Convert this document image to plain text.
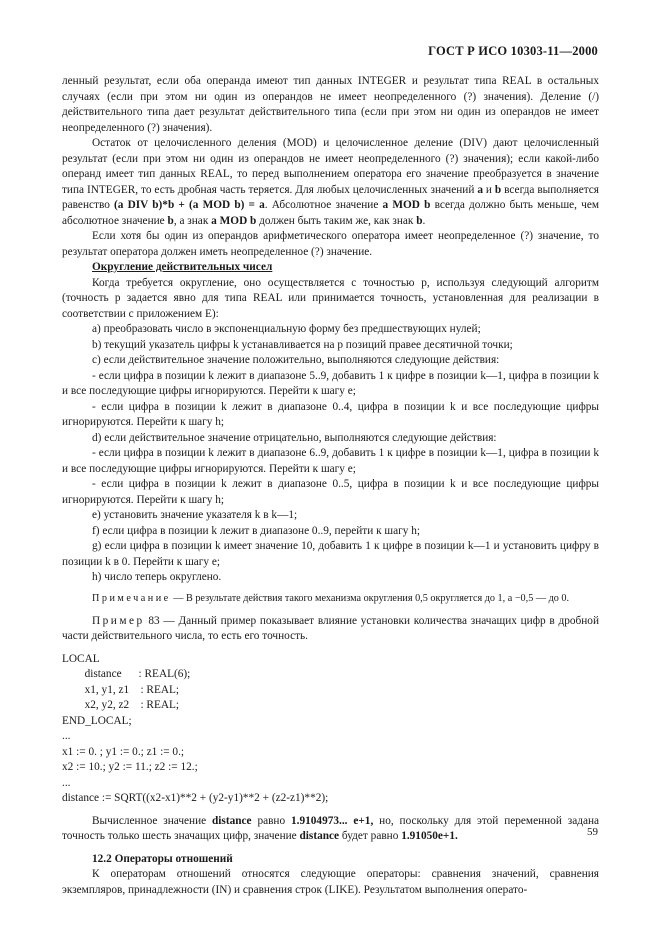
ГОСТ Р ИСО 10303-11—2000

ленный результат, если оба операнда имеют тип данных INTEGER и результат типа REAL в остальных случаях (если при этом ни один из операндов не имеет неопределенного (?) значения). Деление (/) действительного типа дает результат действительного типа (если при этом ни один из операндов не имеет неопределенного (?) значения).

Остаток от целочисленного деления (MOD) и целочисленное деление (DIV) дают целочисленный результат (если при этом ни один из операндов не имеет неопределенного (?) значения); если какой-либо операнд имеет тип данных REAL, то перед выполнением оператора его значение преобразуется в значение типа INTEGER, то есть дробная часть теряется. Для любых целочисленных значений a и b всегда выполняется равенство (a DIV b)*b + (a MOD b) = a. Абсолютное значение a MOD b всегда должно быть меньше, чем абсолютное значение b, а знак a MOD b должен быть таким же, как знак b.

Если хотя бы один из операндов арифметического оператора имеет неопределенное (?) значение, то результат оператора должен иметь неопределенное (?) значение.

Округление действительных чисел

Когда требуется округление, оно осуществляется с точностью p, используя следующий алгоритм (точность p задается явно для типа REAL или принимается точность, установленная для реализации в соответствии с приложением E):

a) преобразовать число в экспоненциальную форму без предшествующих нулей;

b) текущий указатель цифры k устанавливается на p позиций правее десятичной точки;

c) если действительное значение положительно, выполняются следующие действия:

- если цифра в позиции k лежит в диапазоне 5..9, добавить 1 к цифре в позиции k—1, цифра в позиции k и все последующие цифры игнорируются. Перейти к шагу e;

- если цифра в позиции k лежит в диапазоне 0..4, цифра в позиции k и все последующие цифры игнорируются. Перейти к шагу h;

d) если действительное значение отрицательно, выполняются следующие действия:

- если цифра в позиции k лежит в диапазоне 6..9, добавить 1 к цифре в позиции k—1, цифра в позиции k и все последующие цифры игнорируются. Перейти к шагу e;

- если цифра в позиции k лежит в диапазоне 0..5, цифра в позиции k и все последующие цифры игнорируются. Перейти к шагу h;

e) установить значение указателя k в k—1;

f) если цифра в позиции k лежит в диапазоне 0..9, перейти к шагу h;

g) если цифра в позиции k имеет значение 10, добавить 1 к цифре в позиции k—1 и установить цифру в позиции k в 0. Перейти к шагу e;

h) число теперь округлено.

Примечание — В результате действия такого механизма округления 0,5 округляется до 1, а −0,5 — до 0.

Пример 83 — Данный пример показывает влияние установки количества значащих цифр в дробной части действительного числа, то есть его точность.

LOCAL

distance      : REAL(6);

x1, y1, z1    : REAL;

x2, y2, z2    : REAL;

END_LOCAL;

...

x1 := 0. ; y1 := 0.; z1 := 0.;

x2 := 10.; y2 := 11.; z2 := 12.;

...

distance := SQRT((x2-x1)**2 + (y2-y1)**2 + (z2-z1)**2);

Вычисленное значение distance равно 1.9104973... e+1, но, поскольку для этой переменной задана точность только шесть значащих цифр, значение distance будет равно 1.91050e+1.

12.2 Операторы отношений

К операторам отношений относятся следующие операторы: сравнения значений, сравнения экземпляров, принадлежности (IN) и сравнения строк (LIKE). Результатом выполнения операто-

59
